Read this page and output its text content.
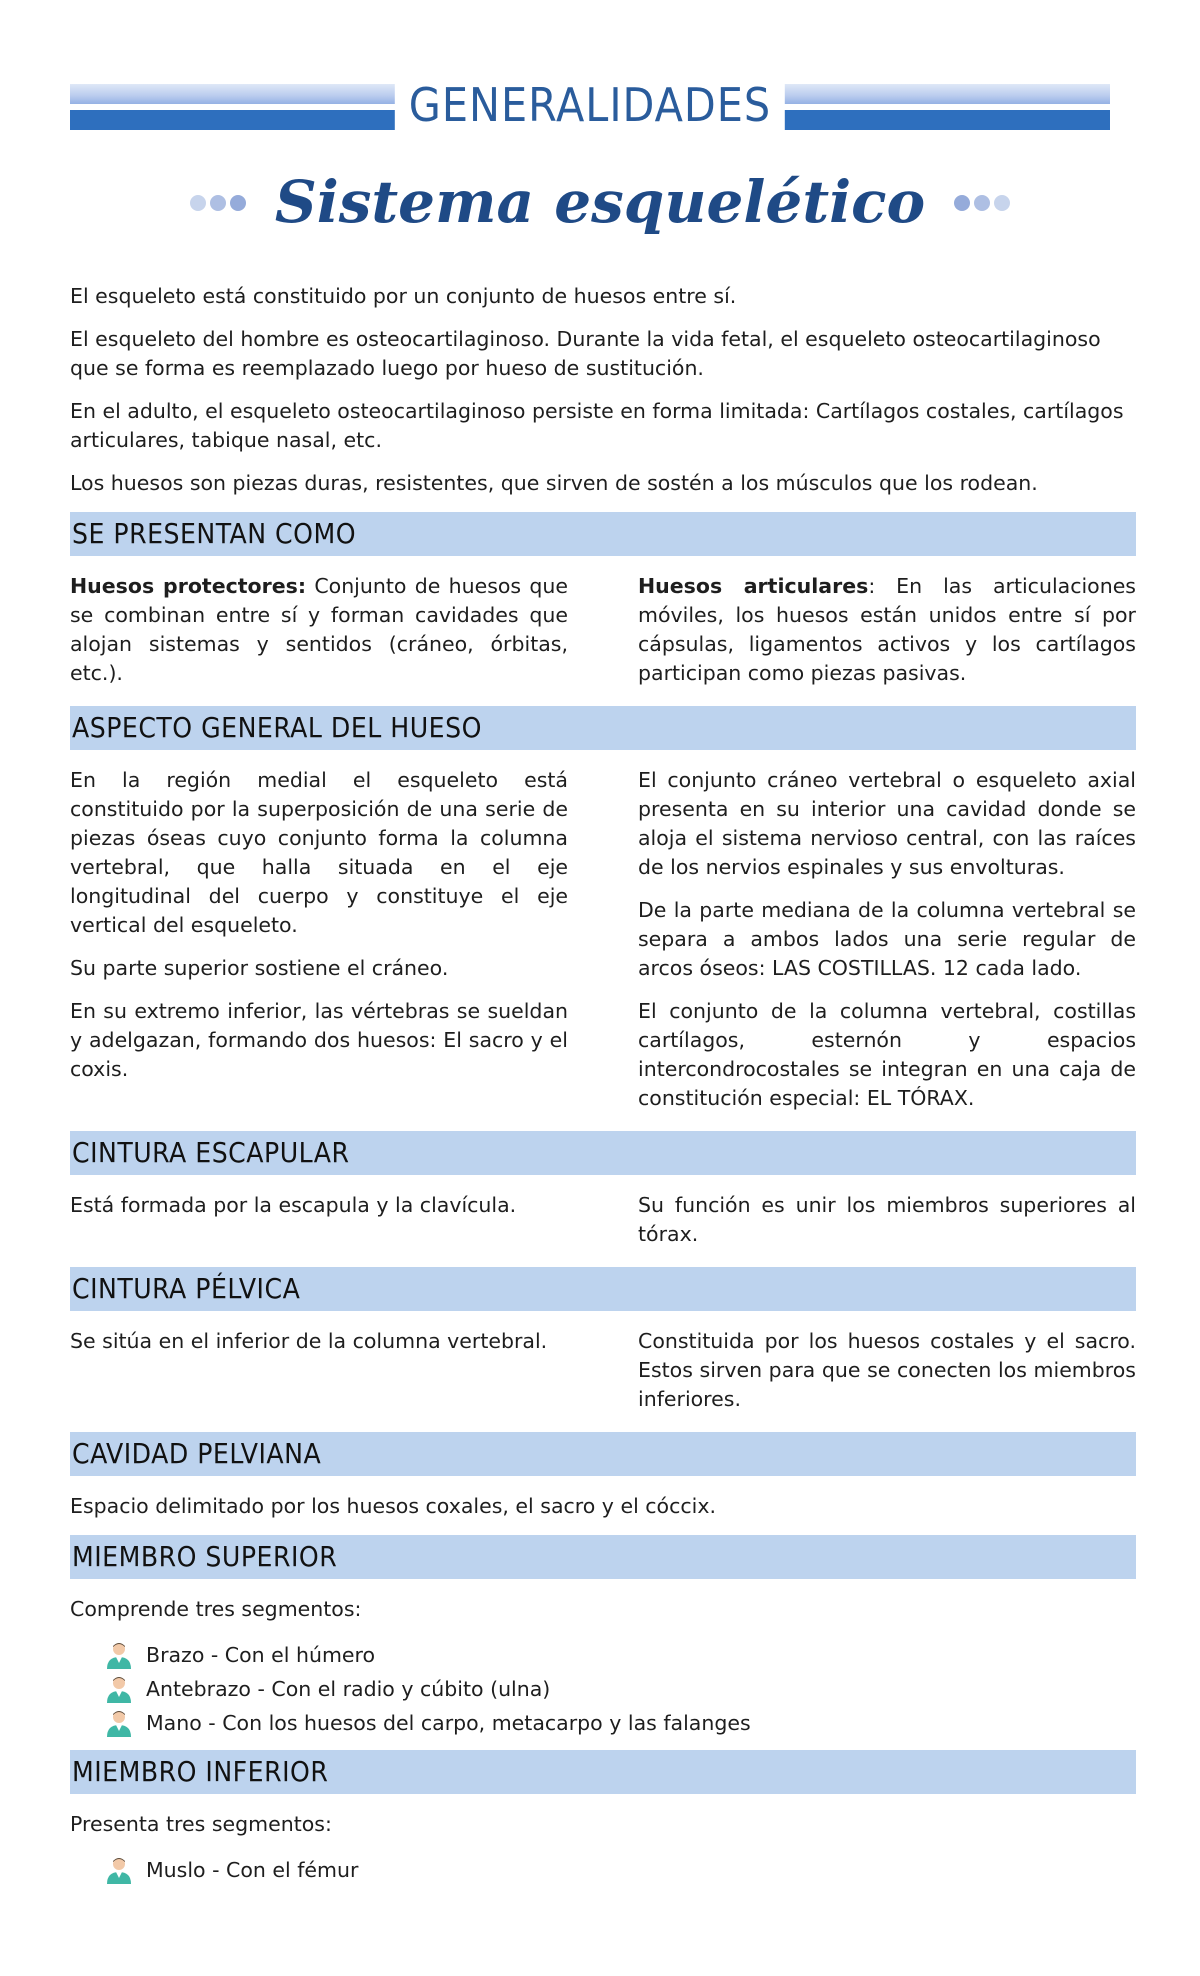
GENERALIDADES
Sistema esquelético

El esqueleto está constituido por un conjunto de huesos entre sí.

El esqueleto del hombre es osteocartilaginoso. Durante la vida fetal, el esqueleto osteocartilaginoso que se forma es reemplazado luego por hueso de sustitución.

En el adulto, el esqueleto osteocartilaginoso persiste en forma limitada: Cartílagos costales, cartílagos articulares, tabique nasal, etc.

Los huesos son piezas duras, resistentes, que sirven de sostén a los músculos que los rodean.

SE PRESENTAN COMO

Huesos protectores: Conjunto de huesos que se combinan entre sí y forman cavidades que alojan sistemas y sentidos (cráneo, órbitas, etc.).

Huesos articulares: En las articulaciones móviles, los huesos están unidos entre sí por cápsulas, ligamentos activos y los cartílagos participan como piezas pasivas.

ASPECTO GENERAL DEL HUESO

En la región medial el esqueleto está constituido por la superposición de una serie de piezas óseas cuyo conjunto forma la columna vertebral, que halla situada en el eje longitudinal del cuerpo y constituye el eje vertical del esqueleto.

Su parte superior sostiene el cráneo.

En su extremo inferior, las vértebras se sueldan y adelgazan, formando dos huesos: El sacro y el coxis.

El conjunto cráneo vertebral o esqueleto axial presenta en su interior una cavidad donde se aloja el sistema nervioso central, con las raíces de los nervios espinales y sus envolturas.

De la parte mediana de la columna vertebral se separa a ambos lados una serie regular de arcos óseos: LAS COSTILLAS. 12 cada lado.

El conjunto de la columna vertebral, costillas cartílagos, esternón y espacios intercondrocostales se integran en una caja de constitución especial: EL TÓRAX.

CINTURA ESCAPULAR

Está formada por la escapula y la clavícula.	Su función es unir los miembros superiores al tórax.

CINTURA PÉLVICA

Se sitúa en el inferior de la columna vertebral.	Constituida por los huesos costales y el sacro. Estos sirven para que se conecten los miembros inferiores.

CAVIDAD PELVIANA

Espacio delimitado por los huesos coxales, el sacro y el cóccix.

MIEMBRO SUPERIOR

Comprende tres segmentos:

Brazo - Con el húmero
Antebrazo - Con el radio y cúbito (ulna)
Mano - Con los huesos del carpo, metacarpo y las falanges
MIEMBRO INFERIOR

Presenta tres segmentos:

Muslo - Con el fémur
